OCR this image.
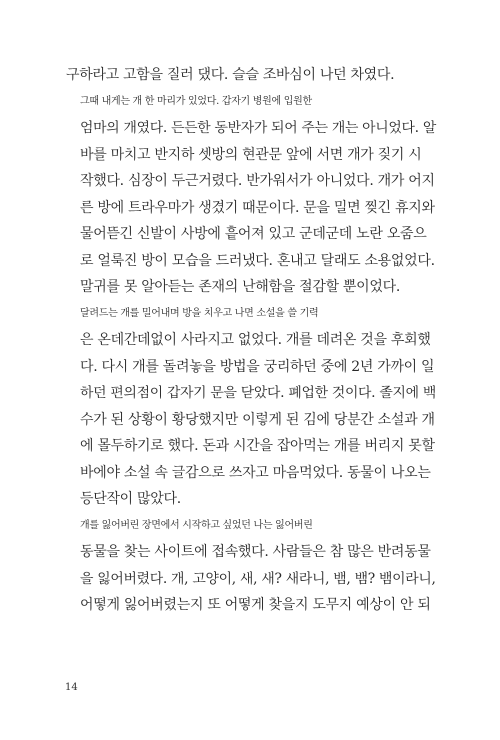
구하라고 고함을 질러 댔다. 슬슬 조바심이 나던 차였다.

그때 내게는 개 한 마리가 있었다. 갑자기 병원에 입원한
엄마의 개였다. 든든한 동반자가 되어 주는 개는 아니었다. 알
바를 마치고 반지하 셋방의 현관문 앞에 서면 개가 짖기 시
작했다. 심장이 두근거렸다. 반가워서가 아니었다. 개가 어지
른 방에 트라우마가 생겼기 때문이다. 문을 밀면 찢긴 휴지와
물어뜯긴 신발이 사방에 흩어져 있고 군데군데 노란 오줌으
로 얼룩진 방이 모습을 드러냈다. 혼내고 달래도 소용없었다.
말귀를 못 알아듣는 존재의 난해함을 절감할 뿐이었다.

달려드는 개를 밀어내며 방을 치우고 나면 소설을 쓸 기력
은 온데간데없이 사라지고 없었다. 개를 데려온 것을 후회했
다. 다시 개를 돌려놓을 방법을 궁리하던 중에 2년 가까이 일
하던 편의점이 갑자기 문을 닫았다. 폐업한 것이다. 졸지에 백
수가 된 상황이 황당했지만 이렇게 된 김에 당분간 소설과 개
에 몰두하기로 했다. 돈과 시간을 잡아먹는 개를 버리지 못할
바에야 소설 속 글감으로 쓰자고 마음먹었다. 동물이 나오는
등단작이 많았다.

개를 잃어버린 장면에서 시작하고 싶었던 나는 잃어버린
동물을 찾는 사이트에 접속했다. 사람들은 참 많은 반려동물
을 잃어버렸다. 개, 고양이, 새, 새? 새라니, 뱀, 뱀? 뱀이라니,
어떻게 잃어버렸는지 또 어떻게 찾을지 도무지 예상이 안 되

14
